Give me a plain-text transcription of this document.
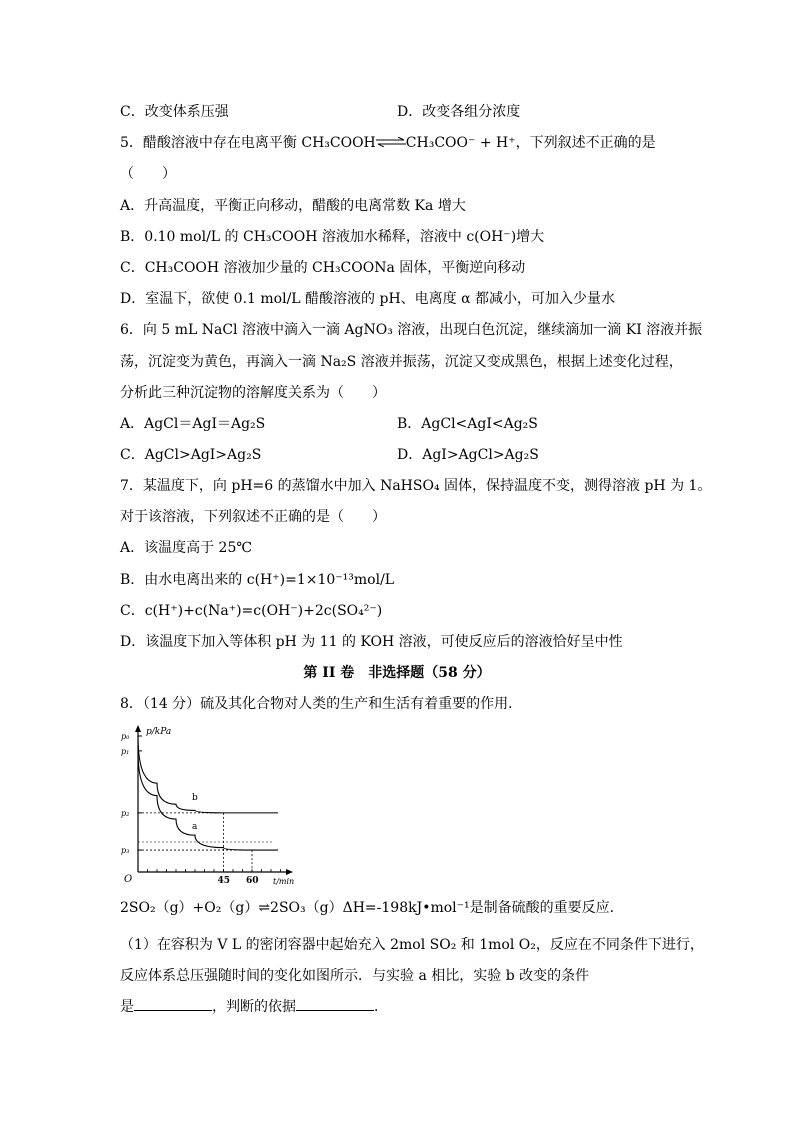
C．改变体系压强	D．改变各组分浓度
5．醋酸溶液中存在电离平衡 CH₃COOH⇌CH₃COO⁻ + H⁺，下列叙述不正确的是
（　　）
A．升高温度，平衡正向移动，醋酸的电离常数 Ka 增大
B．0.10 mol/L 的 CH₃COOH 溶液加水稀释，溶液中 c(OH⁻)增大
C．CH₃COOH 溶液加少量的 CH₃COONa 固体，平衡逆向移动
D．室温下，欲使 0.1 mol/L 醋酸溶液的 pH、电离度 α 都减小，可加入少量水
6．向 5 mL NaCl 溶液中滴入一滴 AgNO₃ 溶液，出现白色沉淀，继续滴加一滴 KI 溶液并振
荡，沉淀变为黄色，再滴入一滴 Na₂S 溶液并振荡，沉淀又变成黑色，根据上述变化过程，
分析此三种沉淀物的溶解度关系为（　　）
A．AgCl＝AgI＝Ag₂S	B．AgCl<AgI<Ag₂S
C．AgCl>AgI>Ag₂S	D．AgI>AgCl>Ag₂S
7．某温度下，向 pH=6 的蒸馏水中加入 NaHSO₄ 固体，保持温度不变，测得溶液 pH 为 1。
对于该溶液，下列叙述不正确的是（　　）
A．该温度高于 25℃
B．由水电离出来的 c(H⁺)=1×10⁻¹³mol/L
C．c(H⁺)+c(Na⁺)=c(OH⁻)+2c(SO₄²⁻)
D．该温度下加入等体积 pH 为 11 的 KOH 溶液，可使反应后的溶液恰好呈中性
第 II 卷　非选择题（58 分）
8．（14 分）硫及其化合物对人类的生产和生活有着重要的作用．
p/kPa
t/min
O
b
a
p₀
p₁
p₂
p₃
45 60
2SO₂（g）+O₂（g）⇌2SO₃（g）ΔH=-198kJ•mol⁻¹是制备硫酸的重要反应．
（1）在容积为 V L 的密闭容器中起始充入 2mol SO₂ 和 1mol O₂，反应在不同条件下进行，
反应体系总压强随时间的变化如图所示．与实验 a 相比，实验 b 改变的条件
是	，判断的依据	．
